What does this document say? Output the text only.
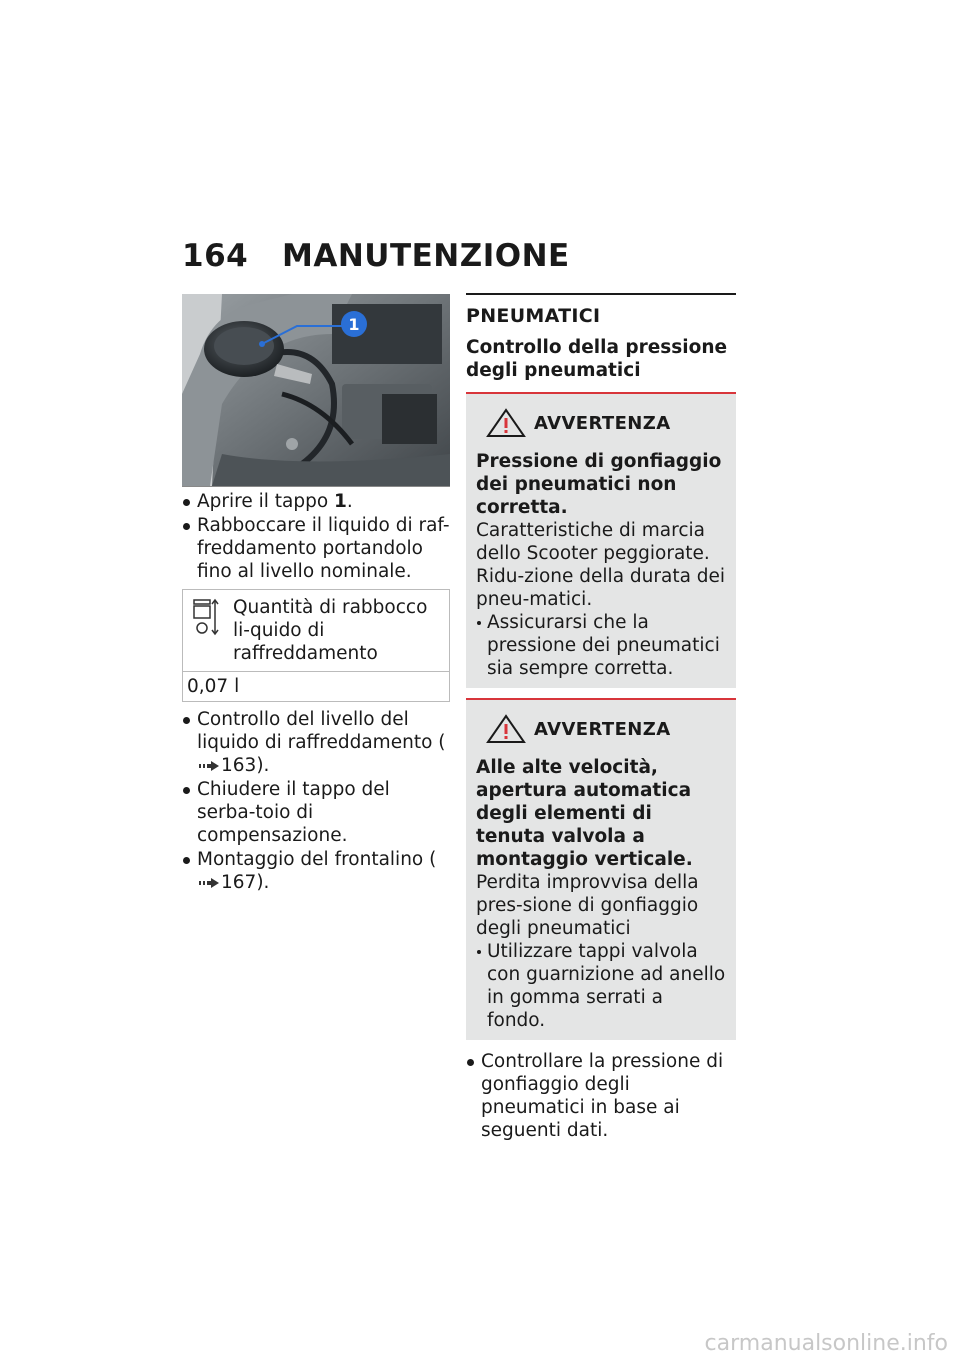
164 MANUTENZIONE
1
Aprire il tappo 1.
Rabboccare il liquido di raf-freddamento portandolo fino al livello nominale.
Quantità di rabbocco li-quido di raffreddamento
0,07 l
Controllo del livello del liquido di raffreddamento (163).
Chiudere il tappo del serba-toio di compensazione.
Montaggio del frontalino (167).
PNEUMATICI
Controllo della pressione degli pneumatici
AVVERTENZA
Pressione di gonfiaggio dei pneumatici non corretta.
Caratteristiche di marcia dello Scooter peggiorate. Ridu-zione della durata dei pneu-matici.
Assicurarsi che la pressione dei pneumatici sia sempre corretta.
AVVERTENZA
Alle alte velocità, apertura automatica degli elementi di tenuta valvola a montaggio verticale.
Perdita improvvisa della pres-sione di gonfiaggio degli pneumatici
Utilizzare tappi valvola con guarnizione ad anello in gomma serrati a fondo.
Controllare la pressione di gonfiaggio degli pneumatici in base ai seguenti dati.
carmanualsonline.info
